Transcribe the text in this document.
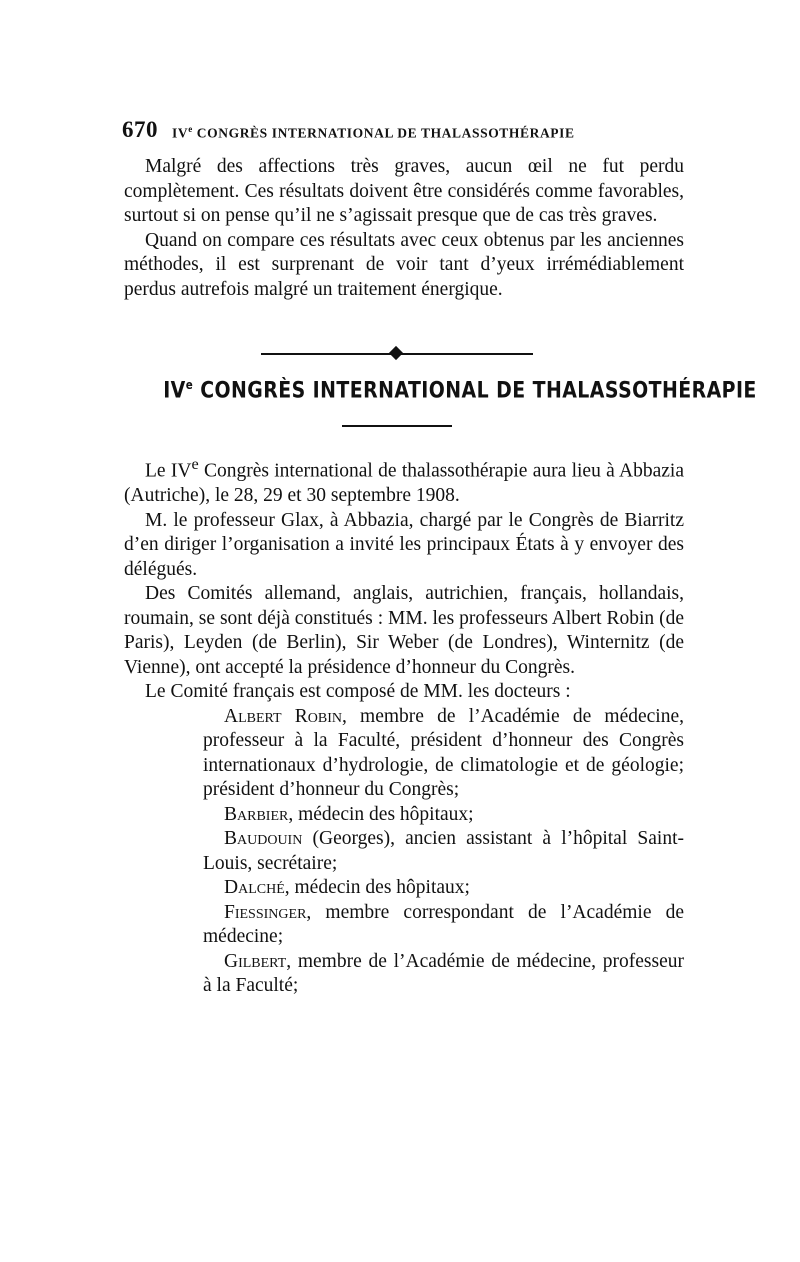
670 IVe CONGRÈS INTERNATIONAL DE THALASSOTHÉRAPIE

Malgré des affections très graves, aucun œil ne fut perdu complètement. Ces résultats doivent être considérés comme favorables, surtout si on pense qu’il ne s’agissait presque que de cas très graves.

Quand on compare ces résultats avec ceux obtenus par les anciennes méthodes, il est surprenant de voir tant d’yeux irrémédiablement perdus autrefois malgré un traitement énergique.

IVe CONGRÈS INTERNATIONAL DE THALASSOTHÉRAPIE

Le IVe Congrès international de thalassothérapie aura lieu à Abbazia (Autriche), le 28, 29 et 30 septembre 1908.

M. le professeur Glax, à Abbazia, chargé par le Congrès de Biarritz d’en diriger l’organisation a invité les principaux États à y envoyer des délégués.

Des Comités allemand, anglais, autrichien, français, hollandais, roumain, se sont déjà constitués : MM. les professeurs Albert Robin (de Paris), Leyden (de Berlin), Sir Weber (de Londres), Winternitz (de Vienne), ont accepté la présidence d’honneur du Congrès.

Le Comité français est composé de MM. les docteurs :

Albert Robin, membre de l’Académie de médecine, professeur à la Faculté, président d’honneur des Congrès internationaux d’hydrologie, de climatologie et de géologie; président d’honneur du Congrès;

Barbier, médecin des hôpitaux;

Baudouin (Georges), ancien assistant à l’hôpital Saint-Louis, secrétaire;

Dalché, médecin des hôpitaux;

Fiessinger, membre correspondant de l’Académie de médecine;

Gilbert, membre de l’Académie de médecine, professeur à la Faculté;
